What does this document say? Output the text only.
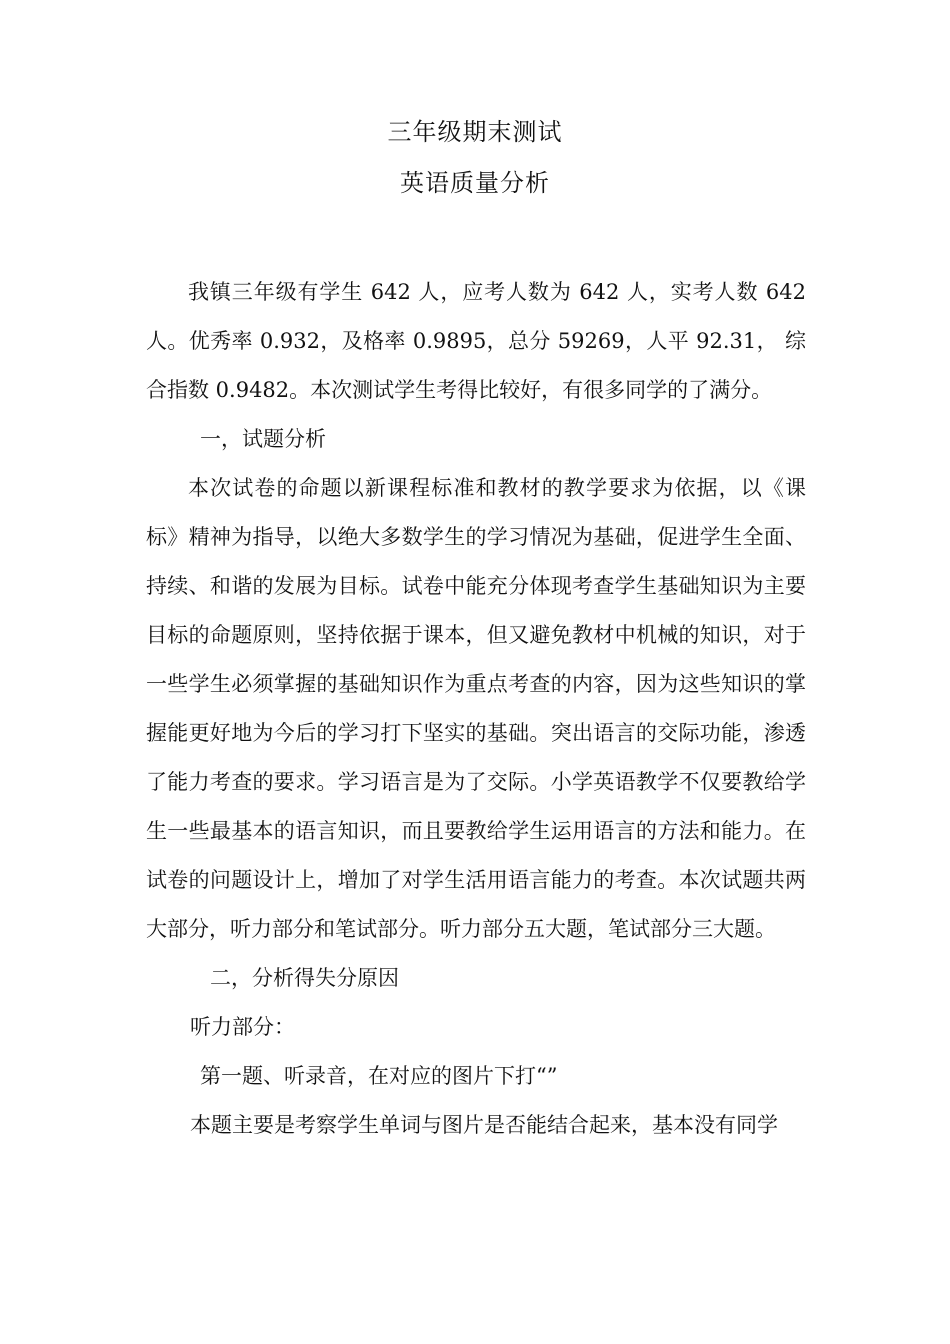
三年级期末测试
英语质量分析

我镇三年级有学生 642 人，应考人数为 642 人，实考人数 642 人。优秀率 0.932，及格率 0.9895，总分 59269，人平 92.31， 综合指数 0.9482。本次测试学生考得比较好，有很多同学的了满分。

一，试题分析

本次试卷的命题以新课程标准和教材的教学要求为依据，以《课标》精神为指导，以绝大多数学生的学习情况为基础，促进学生全面、持续、和谐的发展为目标。试卷中能充分体现考查学生基础知识为主要目标的命题原则，坚持依据于课本，但又避免教材中机械的知识，对于一些学生必须掌握的基础知识作为重点考查的内容，因为这些知识的掌握能更好地为今后的学习打下坚实的基础。突出语言的交际功能，渗透了能力考查的要求。学习语言是为了交际。小学英语教学不仅要教给学生一些最基本的语言知识，而且要教给学生运用语言的方法和能力。在试卷的问题设计上，增加了对学生活用语言能力的考查。本次试题共两大部分，听力部分和笔试部分。听力部分五大题，笔试部分三大题。

二，分析得失分原因

听力部分：

第一题、听录音，在对应的图片下打“”

本题主要是考察学生单词与图片是否能结合起来，基本没有同学
